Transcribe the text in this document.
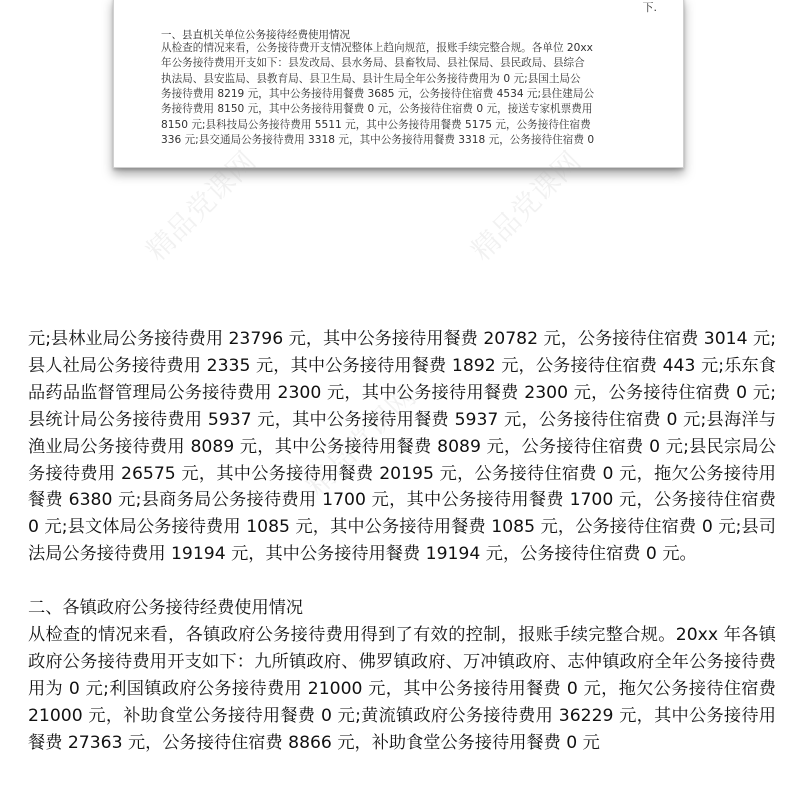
下.
一、县直机关单位公务接待经费使用情况
从检查的情况来看，公务接待费开支情况整体上趋向规范，报账手续完整合规。各单位 20xx
年公务接待费用开支如下：县发改局、县水务局、县畜牧局、县社保局、县民政局、县综合
执法局、县安监局、县教育局、县卫生局、县计生局全年公务接待费用为 0 元;县国土局公
务接待费用 8219 元，其中公务接待用餐费 3685 元，公务接待住宿费 4534 元;县住建局公
务接待费用 8150 元，其中公务接待用餐费 0 元，公务接待住宿费 0 元，接送专家机票费用
8150 元;县科技局公务接待费用 5511 元，其中公务接待用餐费 5175 元，公务接待住宿费
336 元;县交通局公务接待费用 3318 元，其中公务接待用餐费 3318 元，公务接待住宿费 0
精品党课网	精品党课网
精品党课网

元;县林业局公务接待费用 23796 元，其中公务接待用餐费 20782 元，公务接待住宿费 3014 元;县人社局公务接待费用 2335 元，其中公务接待用餐费 1892 元，公务接待住宿费 443 元;乐东食品药品监督管理局公务接待费用 2300 元，其中公务接待用餐费 2300 元，公务接待住宿费 0 元;县统计局公务接待费用 5937 元，其中公务接待用餐费 5937 元，公务接待住宿费 0 元;县海洋与渔业局公务接待费用 8089 元，其中公务接待用餐费 8089 元，公务接待住宿费 0 元;县民宗局公务接待费用 26575 元，其中公务接待用餐费 20195 元，公务接待住宿费 0 元，拖欠公务接待用餐费 6380 元;县商务局公务接待费用 1700 元，其中公务接待用餐费 1700 元，公务接待住宿费 0 元;县文体局公务接待费用 1085 元，其中公务接待用餐费 1085 元，公务接待住宿费 0 元;县司法局公务接待费用 19194 元，其中公务接待用餐费 19194 元，公务接待住宿费 0 元。

二、各镇政府公务接待经费使用情况

从检查的情况来看，各镇政府公务接待费用得到了有效的控制，报账手续完整合规。20xx 年各镇政府公务接待费用开支如下：九所镇政府、佛罗镇政府、万冲镇政府、志仲镇政府全年公务接待费用为 0 元;利国镇政府公务接待费用 21000 元，其中公务接待用餐费 0 元，拖欠公务接待住宿费 21000 元，补助食堂公务接待用餐费 0 元;黄流镇政府公务接待费用 36229 元，其中公务接待用餐费 27363 元，公务接待住宿费 8866 元，补助食堂公务接待用餐费 0 元
